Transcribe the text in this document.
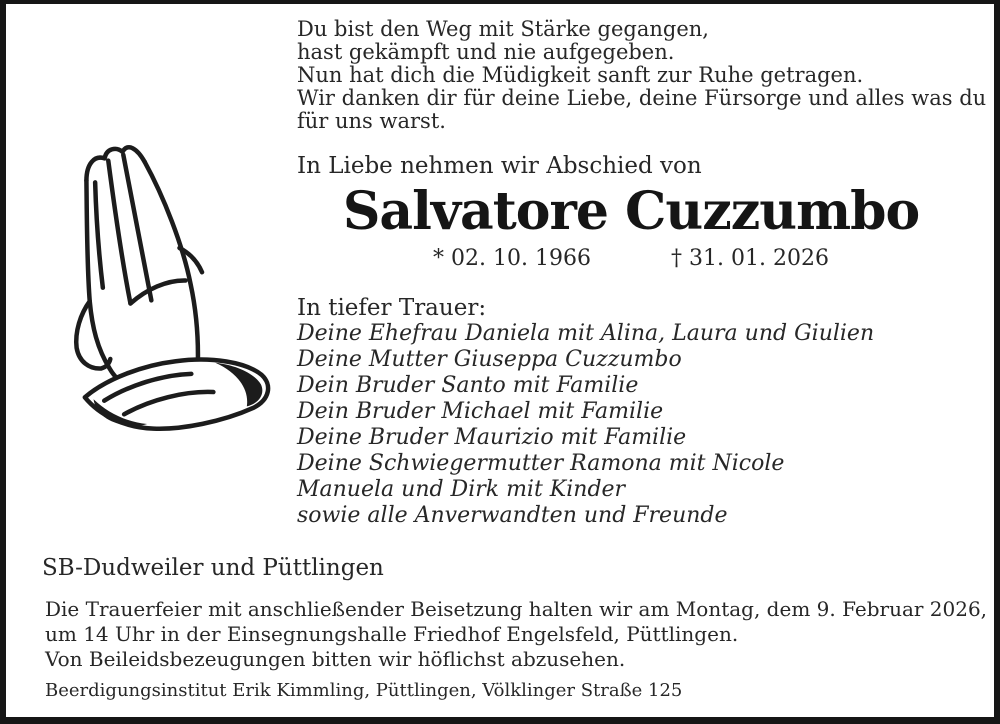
Du bist den Weg mit Stärke gegangen,
hast gekämpft und nie aufgegeben.
Nun hat dich die Müdigkeit sanft zur Ruhe getragen.
Wir danken dir für deine Liebe, deine Fürsorge und alles was du
für uns warst.
In Liebe nehmen wir Abschied von
Salvatore Cuzzumbo
* 02. 10. 1966	† 31. 01. 2026
In tiefer Trauer:
Deine Ehefrau Daniela mit Alina, Laura und Giulien
Deine Mutter Giuseppa Cuzzumbo
Dein Bruder Santo mit Familie
Dein Bruder Michael mit Familie
Deine Bruder Maurizio mit Familie
Deine Schwiegermutter Ramona mit Nicole
Manuela und Dirk mit Kinder
sowie alle Anverwandten und Freunde
SB-Dudweiler und Püttlingen
Die Trauerfeier mit anschließender Beisetzung halten wir am Montag, dem 9. Februar 2026,
um 14 Uhr in der Einsegnungshalle Friedhof Engelsfeld, Püttlingen.
Von Beileidsbezeugungen bitten wir höflichst abzusehen.
Beerdigungsinstitut Erik Kimmling, Püttlingen, Völklinger Straße 125
